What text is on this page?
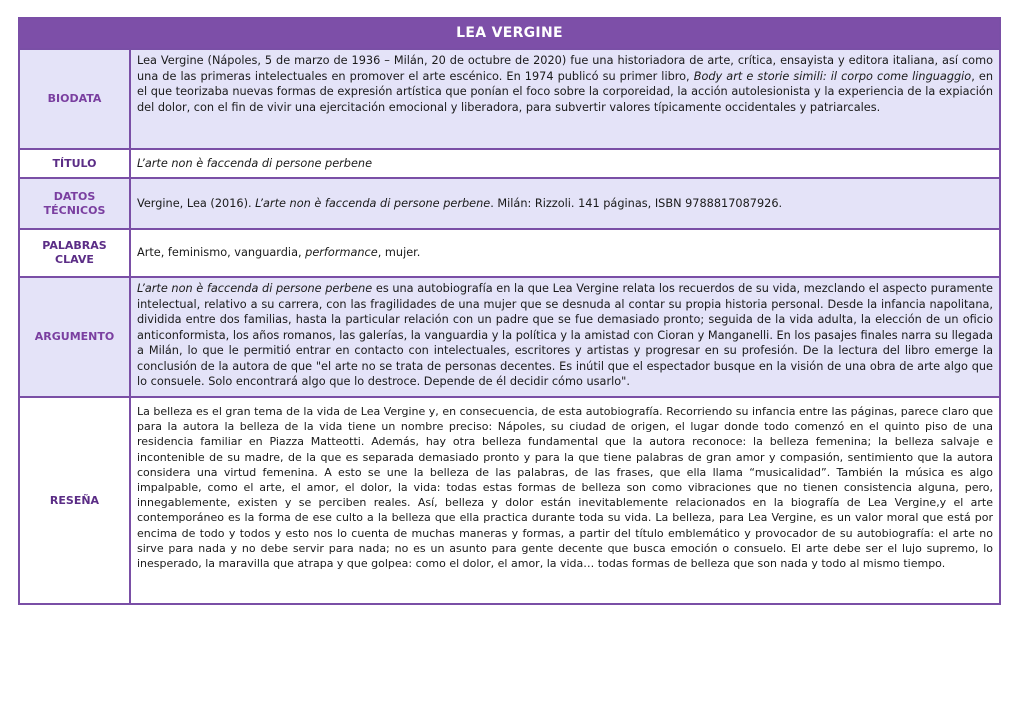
LEA VERGINE
BIODATA
Lea Vergine (Nápoles, 5 de marzo de 1936 – Milán, 20 de octubre de 2020) fue una historiadora de arte, crítica, ensayista y editora italiana, así como una de las primeras intelectuales en promover el arte escénico. En 1974 publicó su primer libro, Body art e storie simili: il corpo come linguaggio, en el que teorizaba nuevas formas de expresión artística que ponían el foco sobre la corporeidad, la acción autolesionista y la experiencia de la expiación del dolor, con el fin de vivir una ejercitación emocional y liberadora, para subvertir valores típicamente occidentales y patriarcales.
TÍTULO	L’arte non è faccenda di persone perbene
DATOS TÉCNICOS
Vergine, Lea (2016). L’arte non è faccenda di persone perbene. Milán: Rizzoli. 141 páginas, ISBN 9788817087926.
PALABRAS CLAVE
Arte, feminismo, vanguardia, performance, mujer.
ARGUMENTO
L’arte non è faccenda di persone perbene es una autobiografía en la que Lea Vergine relata los recuerdos de su vida, mezclando el aspecto puramente intelectual, relativo a su carrera, con las fragilidades de una mujer que se desnuda al contar su propia historia personal. Desde la infancia napolitana, dividida entre dos familias, hasta la particular relación con un padre que se fue demasiado pronto; seguida de la vida adulta, la elección de un oficio anticonformista, los años romanos, las galerías, la vanguardia y la política y la amistad con Cioran y Manganelli. En los pasajes finales narra su llegada a Milán, lo que le permitió entrar en contacto con intelectuales, escritores y artistas y progresar en su profesión. De la lectura del libro emerge la conclusión de la autora de que "el arte no se trata de personas decentes. Es inútil que el espectador busque en la visión de una obra de arte algo que lo consuele. Solo encontrará algo que lo destroce. Depende de él decidir cómo usarlo".
RESEÑA
La belleza es el gran tema de la vida de Lea Vergine y, en consecuencia, de esta autobiografía. Recorriendo su infancia entre las páginas, parece claro que para la autora la belleza de la vida tiene un nombre preciso: Nápoles, su ciudad de origen, el lugar donde todo comenzó en el quinto piso de una residencia familiar en Piazza Matteotti. Además, hay otra belleza fundamental que la autora reconoce: la belleza femenina; la belleza salvaje e incontenible de su madre, de la que es separada demasiado pronto y para la que tiene palabras de gran amor y compasión, sentimiento que la autora considera una virtud femenina. A esto se une la belleza de las palabras, de las frases, que ella llama “musicalidad”. También la música es algo impalpable, como el arte, el amor, el dolor, la vida: todas estas formas de belleza son como vibraciones que no tienen consistencia alguna, pero, innegablemente, existen y se perciben reales. Así, belleza y dolor están inevitablemente relacionados en la biografía de Lea Vergine,y el arte contemporáneo es la forma de ese culto a la belleza que ella practica durante toda su vida. La belleza, para Lea Vergine, es un valor moral que está por encima de todo y todos y esto nos lo cuenta de muchas maneras y formas, a partir del título emblemático y provocador de su autobiografía: el arte no sirve para nada y no debe servir para nada; no es un asunto para gente decente que busca emoción o consuelo. El arte debe ser el lujo supremo, lo inesperado, la maravilla que atrapa y que golpea: como el dolor, el amor, la vida… todas formas de belleza que son nada y todo al mismo tiempo.
